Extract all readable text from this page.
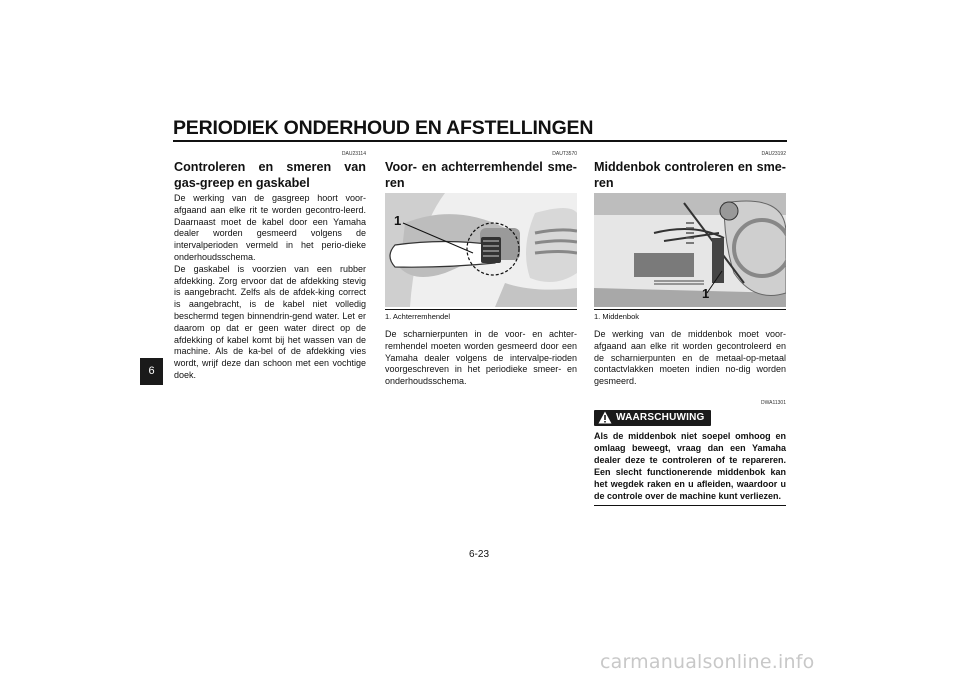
PERIODIEK ONDERHOUD EN AFSTELLINGEN
6
DAU23114
Controleren en smeren van gas-greep en gaskabel

De werking van de gasgreep hoort voor-afgaand aan elke rit te worden gecontro-leerd. Daarnaast moet de kabel door een Yamaha dealer worden gesmeerd volgens de intervalperioden vermeld in het perio-dieke onderhoudsschema.
De gaskabel is voorzien van een rubber afdekking. Zorg ervoor dat de afdekking stevig is aangebracht. Zelfs als de afdek-king correct is aangebracht, is de kabel niet volledig beschermd tegen binnendrin-gend water. Let er daarom op dat er geen water direct op de afdekking of kabel komt bij het wassen van de machine. Als de ka-bel of de afdekking vies wordt, wrijf deze dan schoon met een vochtige doek.

DAUT3570
Voor- en achterremhendel sme-ren
1
1. Achterremhendel

De scharnierpunten in de voor- en achter-remhendel moeten worden gesmeerd door een Yamaha dealer volgens de intervalpe-rioden voorgeschreven in het periodieke smeer- en onderhoudsschema.

DAU23192
Middenbok controleren en sme-ren
1
1. Middenbok

De werking van de middenbok moet voor-afgaand aan elke rit worden gecontroleerd en de scharnierpunten en de metaal-op-metaal contactvlakken moeten indien no-dig worden gesmeerd.

DWA11301
WAARSCHUWING

Als de middenbok niet soepel omhoog en omlaag beweegt, vraag dan een Yamaha dealer deze te controleren of te repareren. Een slecht functionerende middenbok kan het wegdek raken en u afleiden, waardoor u de controle over de machine kunt verliezen.

6-23
carmanualsonline.info
